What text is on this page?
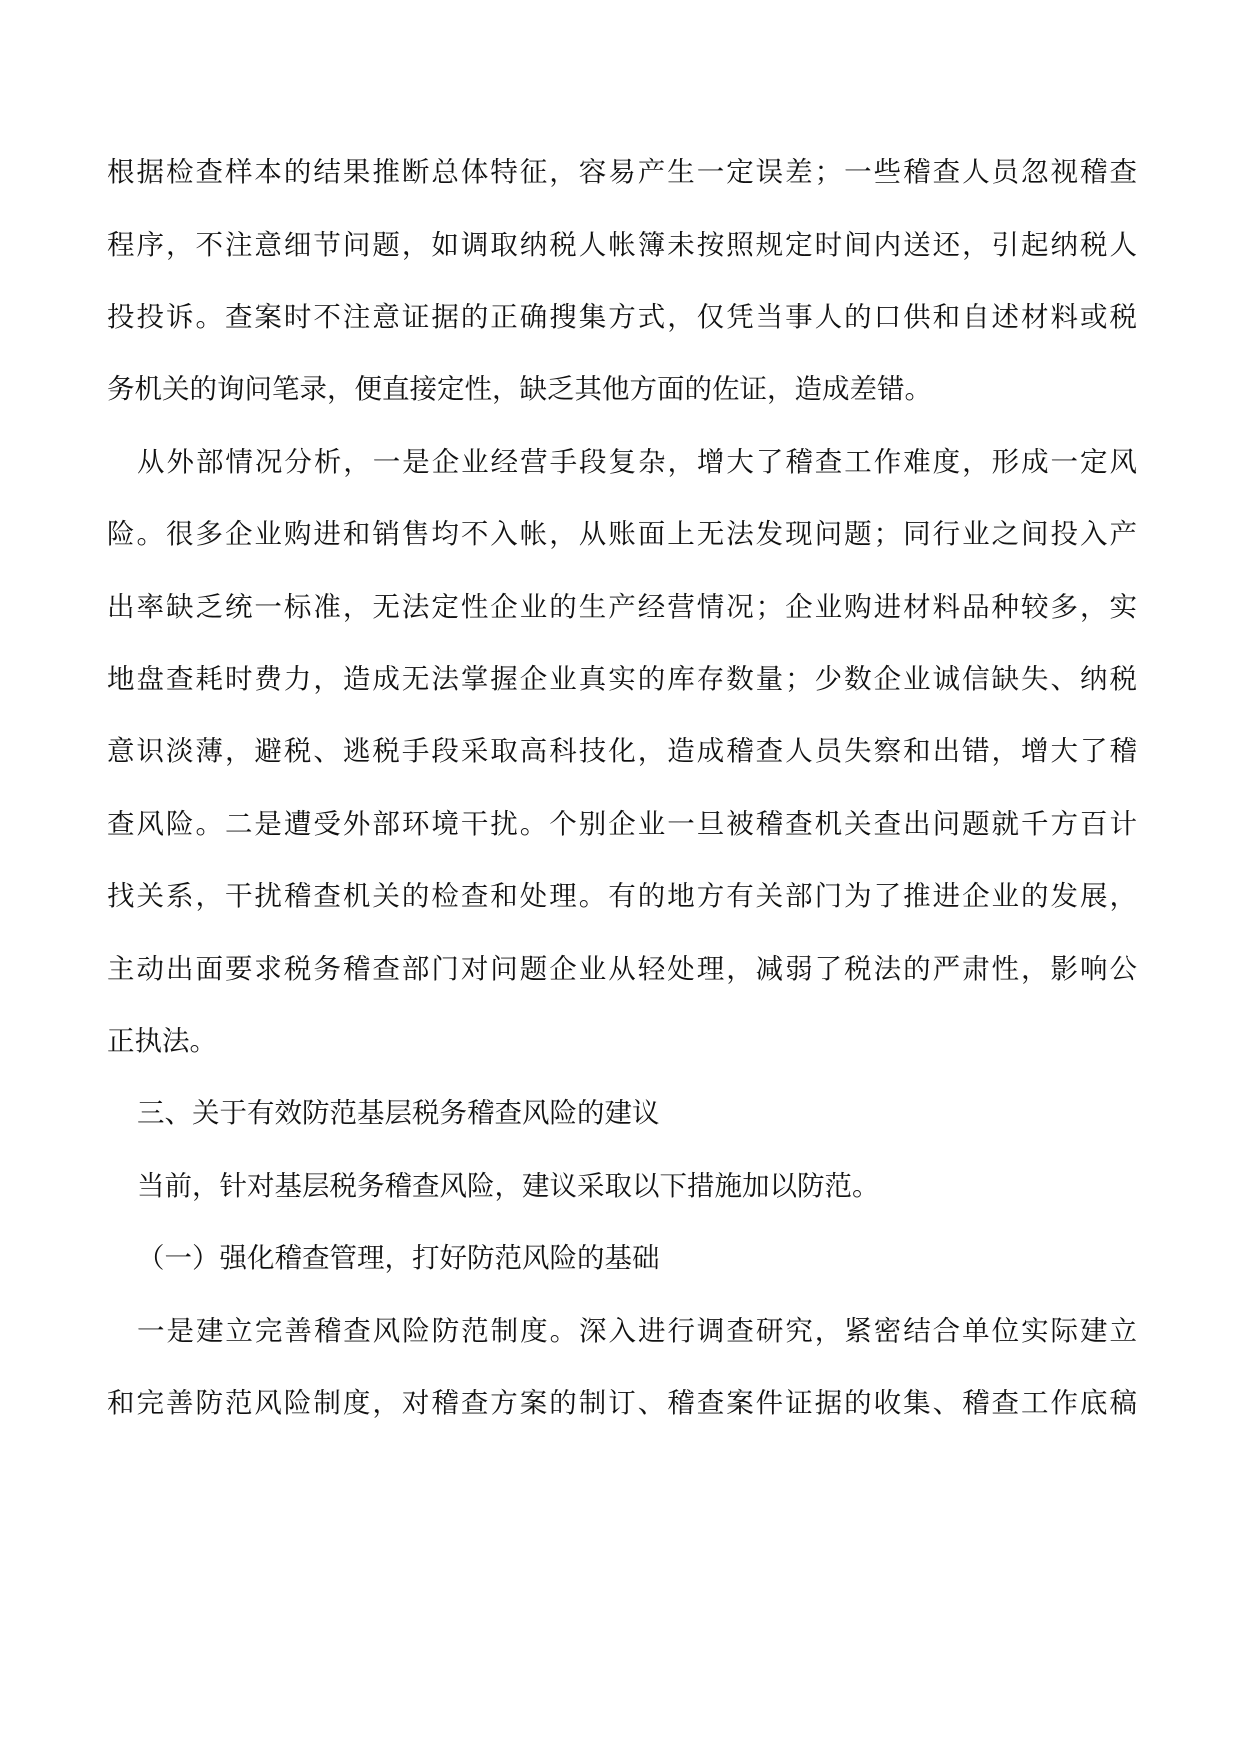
根据检查样本的结果推断总体特征，容易产生一定误差；一些稽查人员忽视稽查
程序，不注意细节问题，如调取纳税人帐簿未按照规定时间内送还，引起纳税人
投投诉。查案时不注意证据的正确搜集方式，仅凭当事人的口供和自述材料或税
务机关的询问笔录，便直接定性，缺乏其他方面的佐证，造成差错。
从外部情况分析，一是企业经营手段复杂，增大了稽查工作难度，形成一定风
险。很多企业购进和销售均不入帐，从账面上无法发现问题；同行业之间投入产
出率缺乏统一标准，无法定性企业的生产经营情况；企业购进材料品种较多，实
地盘查耗时费力，造成无法掌握企业真实的库存数量；少数企业诚信缺失、纳税
意识淡薄，避税、逃税手段采取高科技化，造成稽查人员失察和出错，增大了稽
查风险。二是遭受外部环境干扰。个别企业一旦被稽查机关查出问题就千方百计
找关系，干扰稽查机关的检查和处理。有的地方有关部门为了推进企业的发展，
主动出面要求税务稽查部门对问题企业从轻处理，减弱了税法的严肃性，影响公
正执法。
三、关于有效防范基层税务稽查风险的建议
当前，针对基层税务稽查风险，建议采取以下措施加以防范。
（一）强化稽查管理，打好防范风险的基础
一是建立完善稽查风险防范制度。深入进行调查研究，紧密结合单位实际建立
和完善防范风险制度，对稽查方案的制订、稽查案件证据的收集、稽查工作底稿
